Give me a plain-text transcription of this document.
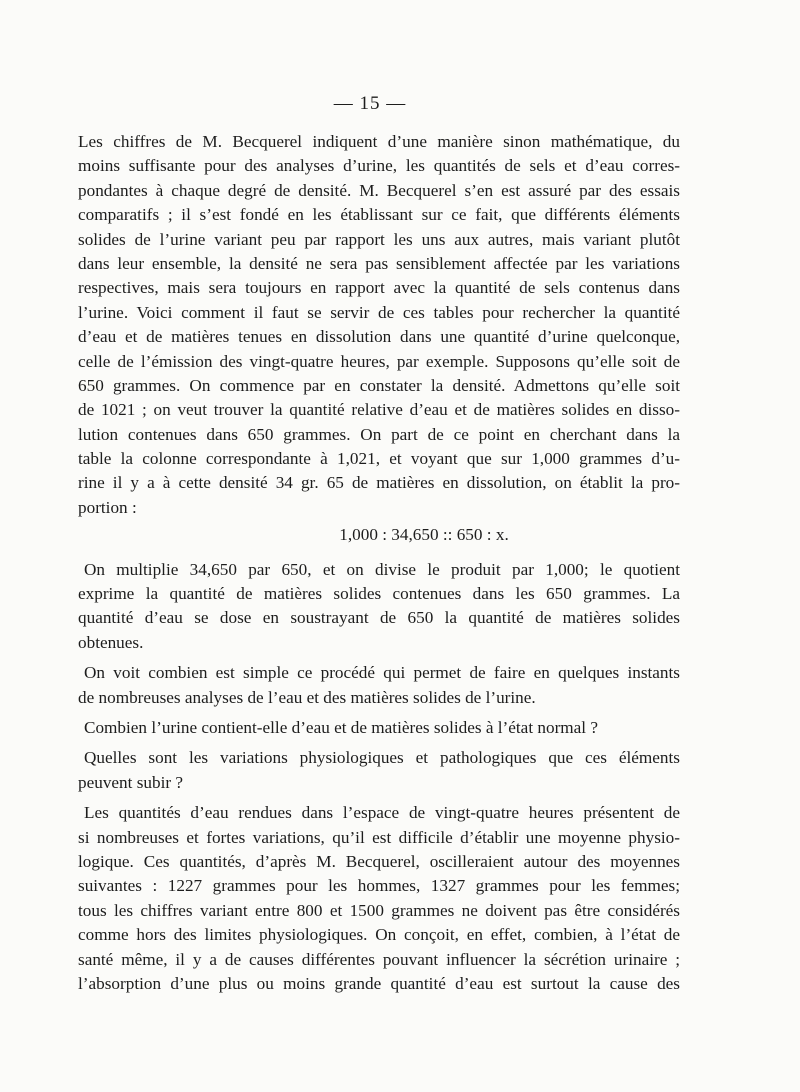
— 15 —
Les chiffres de M. Becquerel indiquent d’une manière sinon mathématique, du
moins suffisante pour des analyses d’urine, les quantités de sels et d’eau corres-
pondantes à chaque degré de densité. M. Becquerel s’en est assuré par des essais
comparatifs ; il s’est fondé en les établissant sur ce fait, que différents éléments
solides de l’urine variant peu par rapport les uns aux autres, mais variant plutôt
dans leur ensemble, la densité ne sera pas sensiblement affectée par les variations
respectives, mais sera toujours en rapport avec la quantité de sels contenus dans
l’urine. Voici comment il faut se servir de ces tables pour rechercher la quantité
d’eau et de matières tenues en dissolution dans une quantité d’urine quelconque,
celle de l’émission des vingt-quatre heures, par exemple. Supposons qu’elle soit de
650 grammes. On commence par en constater la densité. Admettons qu’elle soit
de 1021 ; on veut trouver la quantité relative d’eau et de matières solides en disso-
lution contenues dans 650 grammes. On part de ce point en cherchant dans la
table la colonne correspondante à 1,021, et voyant que sur 1,000 grammes d’u-
rine il y a à cette densité 34 gr. 65 de matières en dissolution, on établit la pro-
portion :
1,000 : 34,650 :: 650 : x.
On multiplie 34,650 par 650, et on divise le produit par 1,000; le quotient
exprime la quantité de matières solides contenues dans les 650 grammes. La
quantité d’eau se dose en soustrayant de 650 la quantité de matières solides
obtenues.
On voit combien est simple ce procédé qui permet de faire en quelques instants
de nombreuses analyses de l’eau et des matières solides de l’urine.
Combien l’urine contient-elle d’eau et de matières solides à l’état normal ?
Quelles sont les variations physiologiques et pathologiques que ces éléments
peuvent subir ?
Les quantités d’eau rendues dans l’espace de vingt-quatre heures présentent de
si nombreuses et fortes variations, qu’il est difficile d’établir une moyenne physio-
logique. Ces quantités, d’après M. Becquerel, oscilleraient autour des moyennes
suivantes : 1227 grammes pour les hommes, 1327 grammes pour les femmes;
tous les chiffres variant entre 800 et 1500 grammes ne doivent pas être considérés
comme hors des limites physiologiques. On conçoit, en effet, combien, à l’état de
santé même, il y a de causes différentes pouvant influencer la sécrétion urinaire ;
l’absorption d’une plus ou moins grande quantité d’eau est surtout la cause des
